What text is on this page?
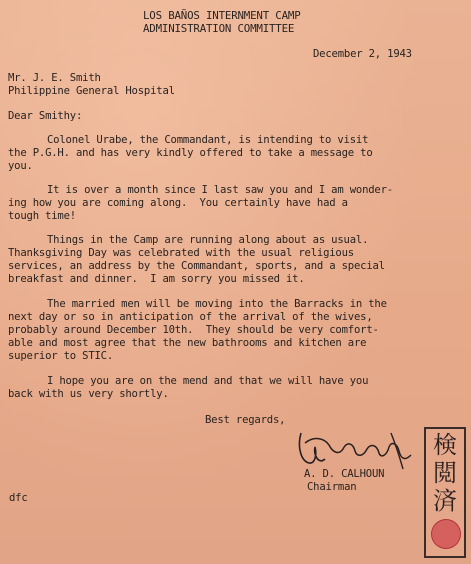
LOS BAÑOS INTERNMENT CAMP
ADMINISTRATION COMMITTEE
December 2, 1943
Mr. J. E. Smith
Philippine General Hospital
Dear Smithy:
Colonel Urabe, the Commandant, is intending to visit
the P.G.H. and has very kindly offered to take a message to
you.
It is over a month since I last saw you and I am wonder-
ing how you are coming along.  You certainly have had a
tough time!
Things in the Camp are running along about as usual.
Thanksgiving Day was celebrated with the usual religious
services, an address by the Commandant, sports, and a special
breakfast and dinner.  I am sorry you missed it.
The married men will be moving into the Barracks in the
next day or so in anticipation of the arrival of the wives,
probably around December 10th.  They should be very comfort-
able and most agree that the new bathrooms and kitchen are
superior to STIC.
I hope you are on the mend and that we will have you
back with us very shortly.
Best regards,
A. D. CALHOUN
Chairman
dfc
検
閲
済
